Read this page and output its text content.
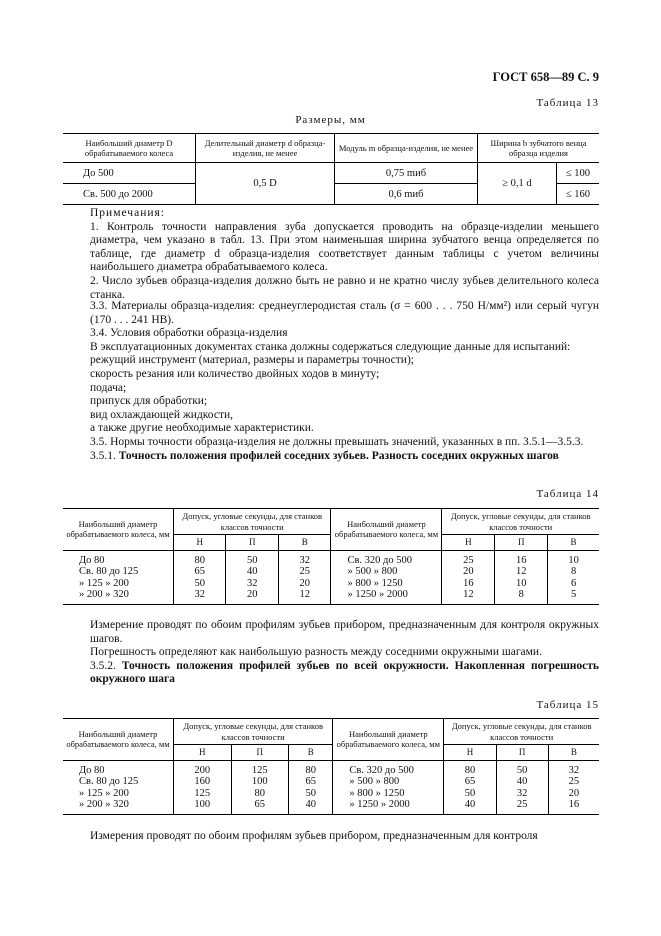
ГОСТ 658—89 С. 9
Таблица 13
Размеры, мм
Наибольший диаметр D обрабатываемого колеса	Делительный диаметр d образца-изделия, не менее	Модуль m образца-изделия, не менее	Ширина b зубчатого венца образца изделия	
До 500	0,5 D	0,75 mиб	≥ 0,1 d	≤ 100
Св. 500 до 2000		0,6 mиб		≤ 160

Примечания:

1. Контроль точности направления зуба допускается проводить на образце-изделии меньшего диаметра, чем указано в табл. 13. При этом наименьшая ширина зубчатого венца определяется по таблице, где диаметр d образца-изделия соответствует данным таблицы с учетом величины наибольшего диаметра обрабатываемого колеса.

2. Число зубьев образца-изделия должно быть не равно и не кратно числу зубьев делительного колеса станка.

3.3. Материалы образца-изделия: среднеуглеродистая сталь (σ = 600 . . . 750 Н/мм²) или серый чугун (170 . . . 241 НВ).

3.4. Условия обработки образца-изделия

В эксплуатационных документах станка должны содержаться следующие данные для испытаний:

режущий инструмент (материал, размеры и параметры точности);

скорость резания или количество двойных ходов в минуту;

подача;

припуск для обработки;

вид охлаждающей жидкости,

а также другие необходимые характеристики.

3.5. Нормы точности образца-изделия не должны превышать значений, указанных в пп. 3.5.1—3.5.3.

3.5.1. Точность положения профилей соседних зубьев. Разность соседних окружных шагов

Таблица 14
Наибольший диаметр обрабатываемого колеса, мм	Допуск, угловые секунды, для станков классов точности			Наибольший диаметр обрабатываемого колеса, мм	Допуск, угловые секунды, для станков классов точности		
	Н	П	В		Н	П	В
До 80	80	50	32	Св. 320 до 500	25	16	10
Св. 80 до 125	65	40	25	» 500 » 800	20	12	8
» 125 » 200	50	32	20	» 800 » 1250	16	10	6
» 200 » 320	32	20	12	» 1250 » 2000	12	8	5

Измерение проводят по обоим профилям зубьев прибором, предназначенным для контроля окружных шагов.

Погрешность определяют как наибольшую разность между соседними окружными шагами.

3.5.2. Точность положения профилей зубьев по всей окружности. Накопленная погрешность окружного шага

Таблица 15
Наибольший диаметр обрабатываемого колеса, мм	Допуск, угловые секунды, для станков классов точности			Наибольший диаметр обрабатываемого колеса, мм	Допуск, угловые секунды, для станков классов точности		
	Н	П	В		Н	П	В
До 80	200	125	80	Св. 320 до 500	80	50	32
Св. 80 до 125	160	100	65	» 500 » 800	65	40	25
» 125 » 200	125	80	50	» 800 » 1250	50	32	20
» 200 » 320	100	65	40	» 1250 » 2000	40	25	16

Измерения проводят по обоим профилям зубьев прибором, предназначенным для контроля
